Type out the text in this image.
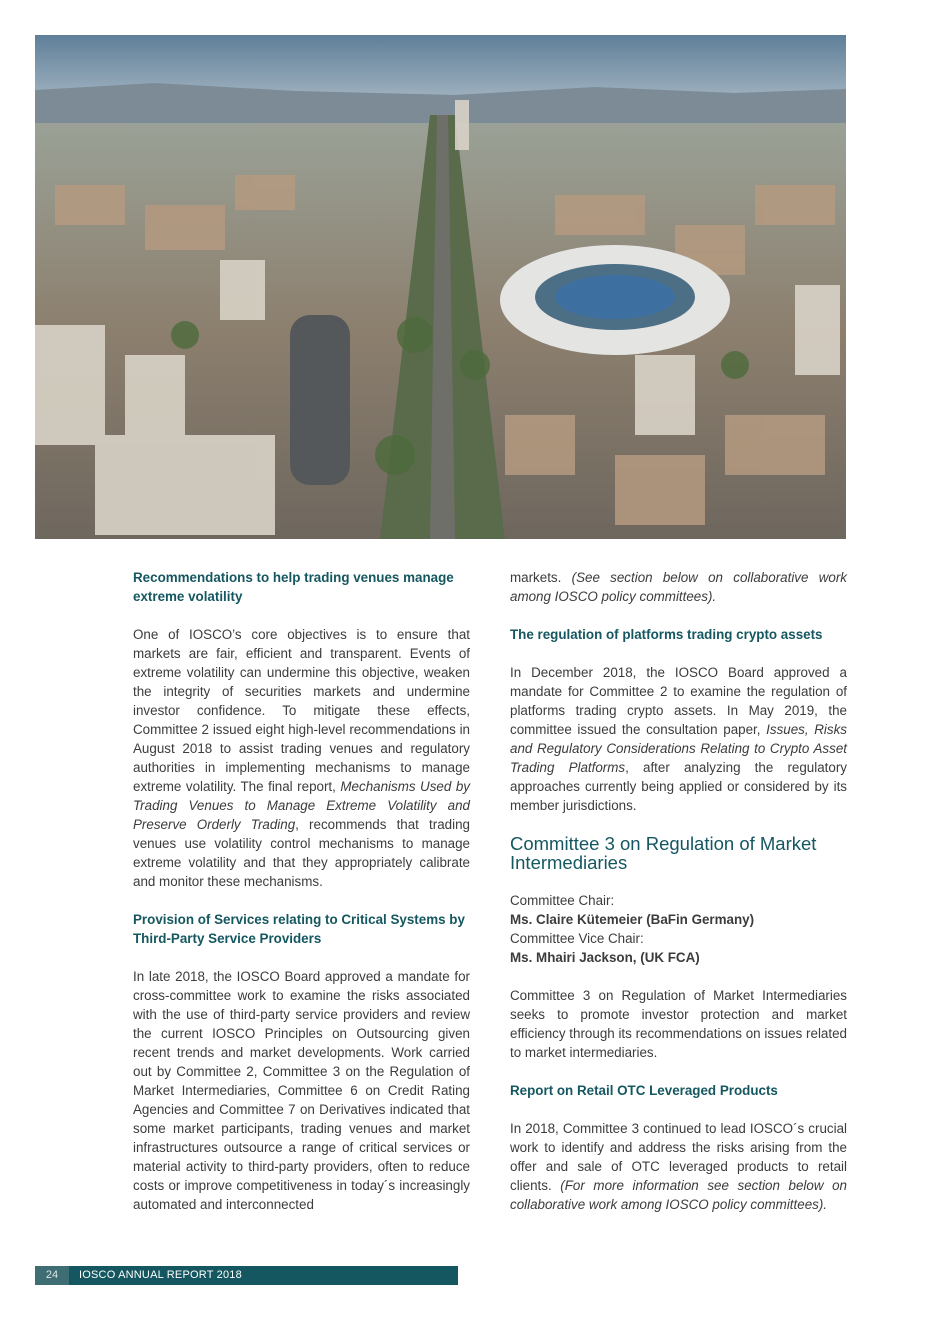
Recommendations to help trading venues manage extreme volatility

One of IOSCO’s core objectives is to ensure that markets are fair, efficient and transparent. Events of extreme volatility can undermine this objective, weaken the integrity of securities markets and undermine investor confidence. To mitigate these effects, Committee 2 issued eight high-level recommendations in August 2018 to assist trading venues and regulatory authorities in implementing mechanisms to manage extreme volatility. The final report, Mechanisms Used by Trading Venues to Manage Extreme Volatility and Preserve Orderly Trading, recommends that trading venues use volatility control mechanisms to manage extreme volatility and that they appropriately calibrate and monitor these mechanisms.

Provision of Services relating to Critical Systems by Third-Party Service Providers

In late 2018, the IOSCO Board approved a mandate for cross-committee work to examine the risks associated with the use of third-party service providers and review the current IOSCO Principles on Outsourcing given recent trends and market developments. Work carried out by Committee 2, Committee 3 on the Regulation of Market Intermediaries, Committee 6 on Credit Rating Agencies and Committee 7 on Derivatives indicated that some market participants, trading venues and market infrastructures outsource a range of critical services or material activity to third-party providers, often to reduce costs or improve competitiveness in today´s increasingly automated and interconnected

markets. (See section below on collaborative work among IOSCO policy committees).

The regulation of platforms trading crypto assets

In December 2018, the IOSCO Board approved a mandate for Committee 2 to examine the regulation of platforms trading crypto assets. In May 2019, the committee issued the consultation paper, Issues, Risks and Regulatory Considerations Relating to Crypto Asset Trading Platforms, after analyzing the regulatory approaches currently being applied or considered by its member jurisdictions.

Committee 3 on Regulation of Market Intermediaries
Committee Chair:
Ms. Claire Kütemeier (BaFin Germany)
Committee Vice Chair:
Ms. Mhairi Jackson, (UK FCA)

Committee 3 on Regulation of Market Intermediaries seeks to promote investor protection and market efficiency through its recommendations on issues related to market intermediaries.

Report on Retail OTC Leveraged Products

In 2018, Committee 3 continued to lead IOSCO´s crucial work to identify and address the risks arising from the offer and sale of OTC leveraged products to retail clients. (For more information see section below on collaborative work among IOSCO policy committees).

24	IOSCO ANNUAL REPORT 2018
